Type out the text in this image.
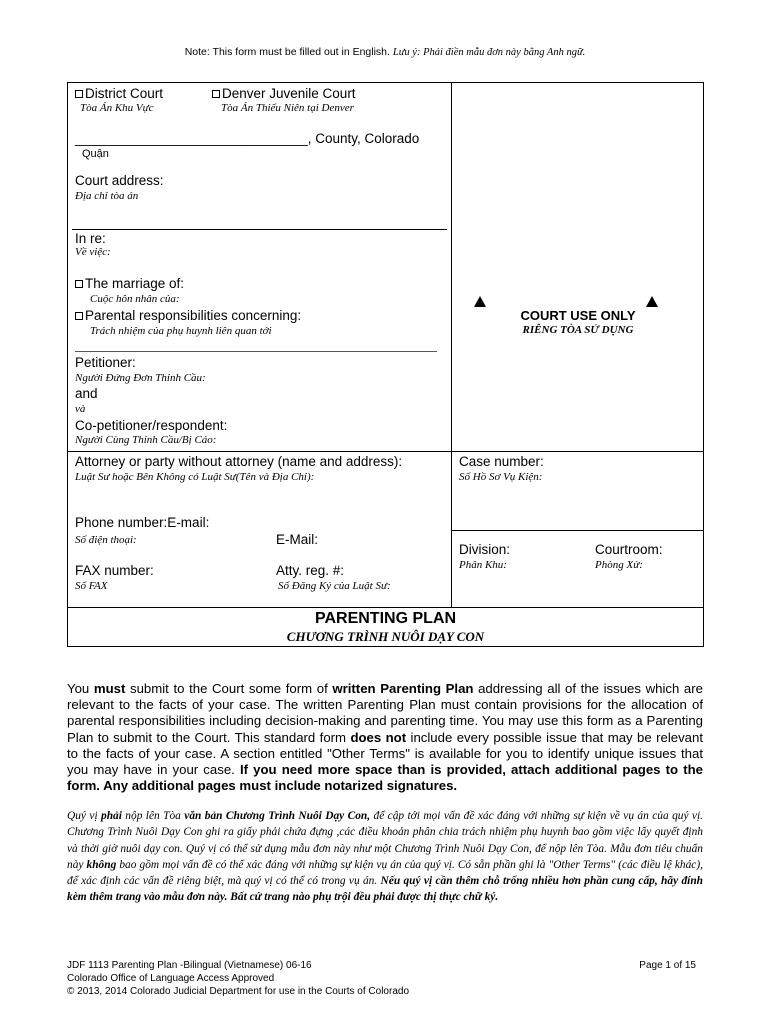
Note: This form must be filled out in English. Lưu ý: Phải điền mẫu đơn này bằng Anh ngữ.
District Court
Tòa Án Khu Vực
Denver Juvenile Court
Tòa Án Thiếu Niên tại Denver
_______________________________, County, Colorado
Quận
Court address:
Địa chỉ tòa án
In re:
Về việc:
The marriage of:
Cuộc hôn nhân của:
Parental responsibilities concerning:
Trách nhiệm của phụ huynh liên quan tới
Petitioner:
Người Đứng Đơn Thỉnh Cầu:
and
và
Co-petitioner/respondent:
Người Cùng Thỉnh Cầu/Bị Cáo:
COURT USE ONLY
RIÊNG TÒA SỬ DỤNG
Attorney or party without attorney (name and address):
Luật Sư hoặc Bên Không có Luật Sư(Tên và Địa Chỉ):
Phone number:E-mail:
Số điện thoại:	E-Mail:
FAX number:
Số FAX
Atty. reg. #:
Số Đăng Ký của Luật Sư:
Case number:
Số Hồ Sơ Vụ Kiện:
Division:
Phân Khu:
Courtroom:
Phòng Xử:
PARENTING PLAN
CHƯƠNG TRÌNH NUÔI DẠY CON
You must submit to the Court some form of written Parenting Plan addressing all of the issues which are relevant to the facts of your case. The written Parenting Plan must contain provisions for the allocation of parental responsibilities including decision-making and parenting time. You may use this form as a Parenting Plan to submit to the Court. This standard form does not include every possible issue that may be relevant to the facts of your case. A section entitled "Other Terms" is available for you to identify unique issues that you may have in your case. If you need more space than is provided, attach additional pages to the form. Any additional pages must include notarized signatures.
Quý vị phải nộp lên Tòa văn bản Chương Trình Nuôi Dạy Con, để cập tới mọi vấn đề xác đáng với những sự kiện về vụ án của quý vị. Chương Trình Nuôi Dạy Con ghi ra giấy phải chứa đựng ,các điều khoản phân chia trách nhiệm phụ huynh bao gồm việc lấy quyết định và thời giờ nuôi dạy con. Quý vị có thể sử dụng mẫu đơn này như một Chương Trình Nuôi Dạy Con, để nộp lên Tòa. Mẫu đơn tiêu chuẩn này không bao gồm mọi vấn đề có thể xác đáng với những sự kiện vụ án của quý vị. Có sẵn phần ghi là "Other Terms" (các điều lệ khác), để xác định các vấn đề riêng biệt, mà quý vị có thể có trong vụ án. Nếu quý vị cần thêm chỗ trống nhiều hơn phần cung cấp, hãy đính kèm thêm trang vào mẫu đơn này. Bất cứ trang nào phụ trội đều phải được thị thực chữ ký.
JDF 1113 Parenting Plan -Bilingual (Vietnamese) 06-16
Colorado Office of Language Access Approved
© 2013, 2014 Colorado Judicial Department for use in the Courts of Colorado
Page 1 of 15
